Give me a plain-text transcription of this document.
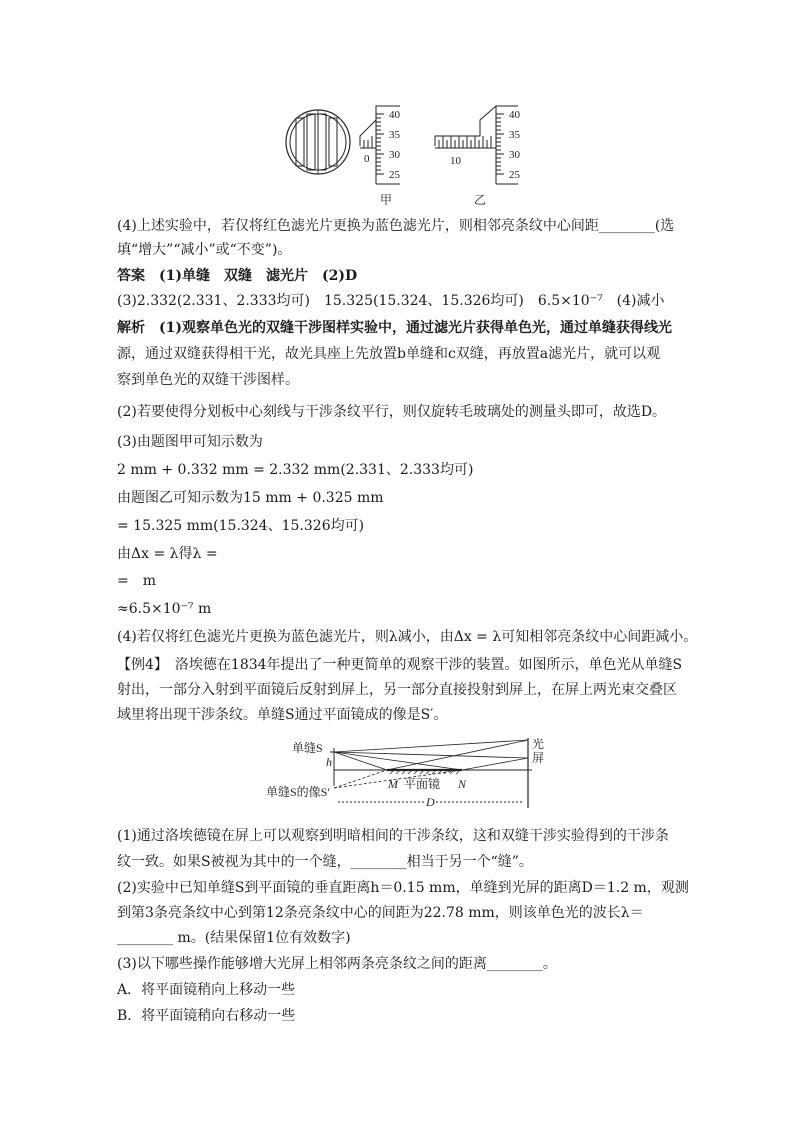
40
35
30
25
0
甲
40
35
30
25
10
乙
(4)上述实验中，若仅将红色滤光片更换为蓝色滤光片，则相邻亮条纹中心间距________(选
填“增大”“减小”或“不变”)。
答案　(1)单缝　双缝　滤光片　(2)D
(3)2.332(2.331、2.333均可)　15.325(15.324、15.326均可)　6.5×10⁻⁷　(4)减小
解析　(1)观察单色光的双缝干涉图样实验中，通过滤光片获得单色光，通过单缝获得线光
源，通过双缝获得相干光，故光具座上先放置b单缝和c双缝，再放置a滤光片，就可以观
察到单色光的双缝干涉图样。
(2)若要使得分划板中心刻线与干涉条纹平行，则仅旋转毛玻璃处的测量头即可，故选D。
(3)由题图甲可知示数为
2 mm + 0.332 mm = 2.332 mm(2.331、2.333均可)
由题图乙可知示数为15 mm + 0.325 mm
= 15.325 mm(15.324、15.326均可)
由Δx = λ得λ =
=　m
≈6.5×10⁻⁷ m
(4)若仅将红色滤光片更换为蓝色滤光片，则λ减小，由Δx = λ可知相邻亮条纹中心间距减小。
【例4】　洛埃德在1834年提出了一种更简单的观察干涉的装置。如图所示，单色光从单缝S
射出，一部分入射到平面镜后反射到屏上，另一部分直接投射到屏上，在屏上两光束交叠区
域里将出现干涉条纹。单缝S通过平面镜成的像是S′。
单缝S
h
单缝S的像S′
光
屏
M 平面镜 N
D
(1)通过洛埃德镜在屏上可以观察到明暗相间的干涉条纹，这和双缝干涉实验得到的干涉条
纹一致。如果S被视为其中的一个缝，________相当于另一个“缝”。
(2)实验中已知单缝S到平面镜的垂直距离h＝0.15 mm，单缝到光屏的距离D＝1.2 m，观测
到第3条亮条纹中心到第12条亮条纹中心的间距为22.78 mm，则该单色光的波长λ＝
________ m。(结果保留1位有效数字)
(3)以下哪些操作能够增大光屏上相邻两条亮条纹之间的距离________。
A．将平面镜稍向上移动一些
B．将平面镜稍向右移动一些
